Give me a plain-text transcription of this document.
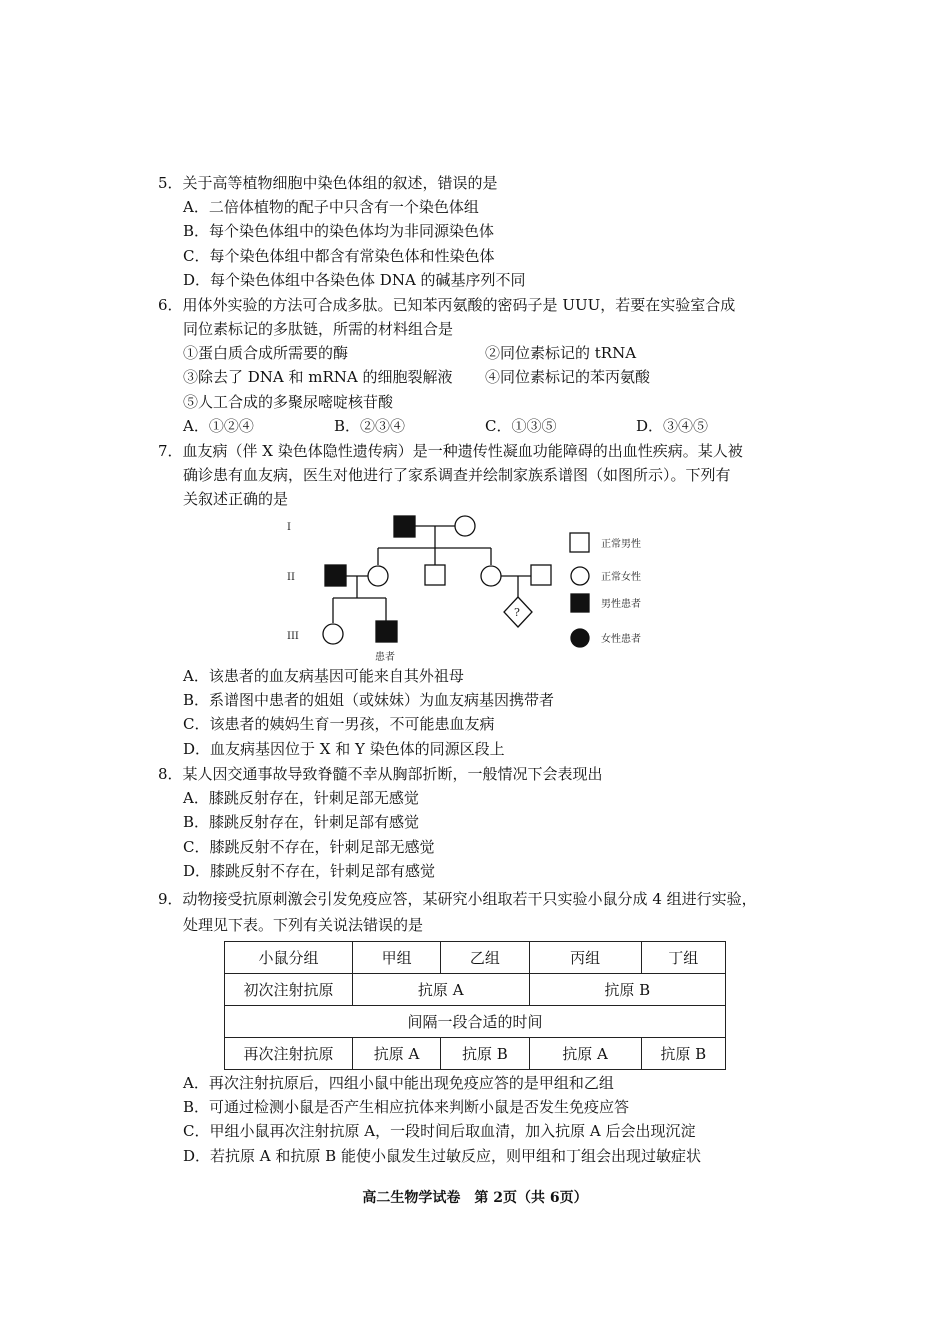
5．关于高等植物细胞中染色体组的叙述，错误的是
A．二倍体植物的配子中只含有一个染色体组
B．每个染色体组中的染色体均为非同源染色体
C．每个染色体组中都含有常染色体和性染色体
D．每个染色体组中各染色体 DNA 的碱基序列不同
6．用体外实验的方法可合成多肽。已知苯丙氨酸的密码子是 UUU，若要在实验室合成
同位素标记的多肽链，所需的材料组合是
①蛋白质合成所需要的酶	②同位素标记的 tRNA
③除去了 DNA 和 mRNA 的细胞裂解液 ④同位素标记的苯丙氨酸
⑤人工合成的多聚尿嘧啶核苷酸
A．①②④	B．②③④	C．①③⑤	D．③④⑤
7．血友病（伴 X 染色体隐性遗传病）是一种遗传性凝血功能障碍的出血性疾病。某人被
确诊患有血友病，医生对他进行了家系调查并绘制家族系谱图（如图所示）。下列有
关叙述正确的是
I
II
III
?
患者
正常男性
正常女性
男性患者
女性患者
A．该患者的血友病基因可能来自其外祖母
B．系谱图中患者的姐姐（或妹妹）为血友病基因携带者
C．该患者的姨妈生育一男孩，不可能患血友病
D．血友病基因位于 X 和 Y 染色体的同源区段上
8．某人因交通事故导致脊髓不幸从胸部折断，一般情况下会表现出
A．膝跳反射存在，针刺足部无感觉
B．膝跳反射存在，针刺足部有感觉
C．膝跳反射不存在，针刺足部无感觉
D．膝跳反射不存在，针刺足部有感觉
9．动物接受抗原刺激会引发免疫应答，某研究小组取若干只实验小鼠分成 4 组进行实验，
处理见下表。下列有关说法错误的是
小鼠分组	甲组	乙组	丙组	丁组
初次注射抗原	抗原 A		抗原 B	
间隔一段合适的时间				
再次注射抗原	抗原 A	抗原 B	抗原 A	抗原 B
A．再次注射抗原后，四组小鼠中能出现免疫应答的是甲组和乙组
B．可通过检测小鼠是否产生相应抗体来判断小鼠是否发生免疫应答
C．甲组小鼠再次注射抗原 A，一段时间后取血清，加入抗原 A 后会出现沉淀
D．若抗原 A 和抗原 B 能使小鼠发生过敏反应，则甲组和丁组会出现过敏症状
高二生物学试卷　第 2页（共 6页）
